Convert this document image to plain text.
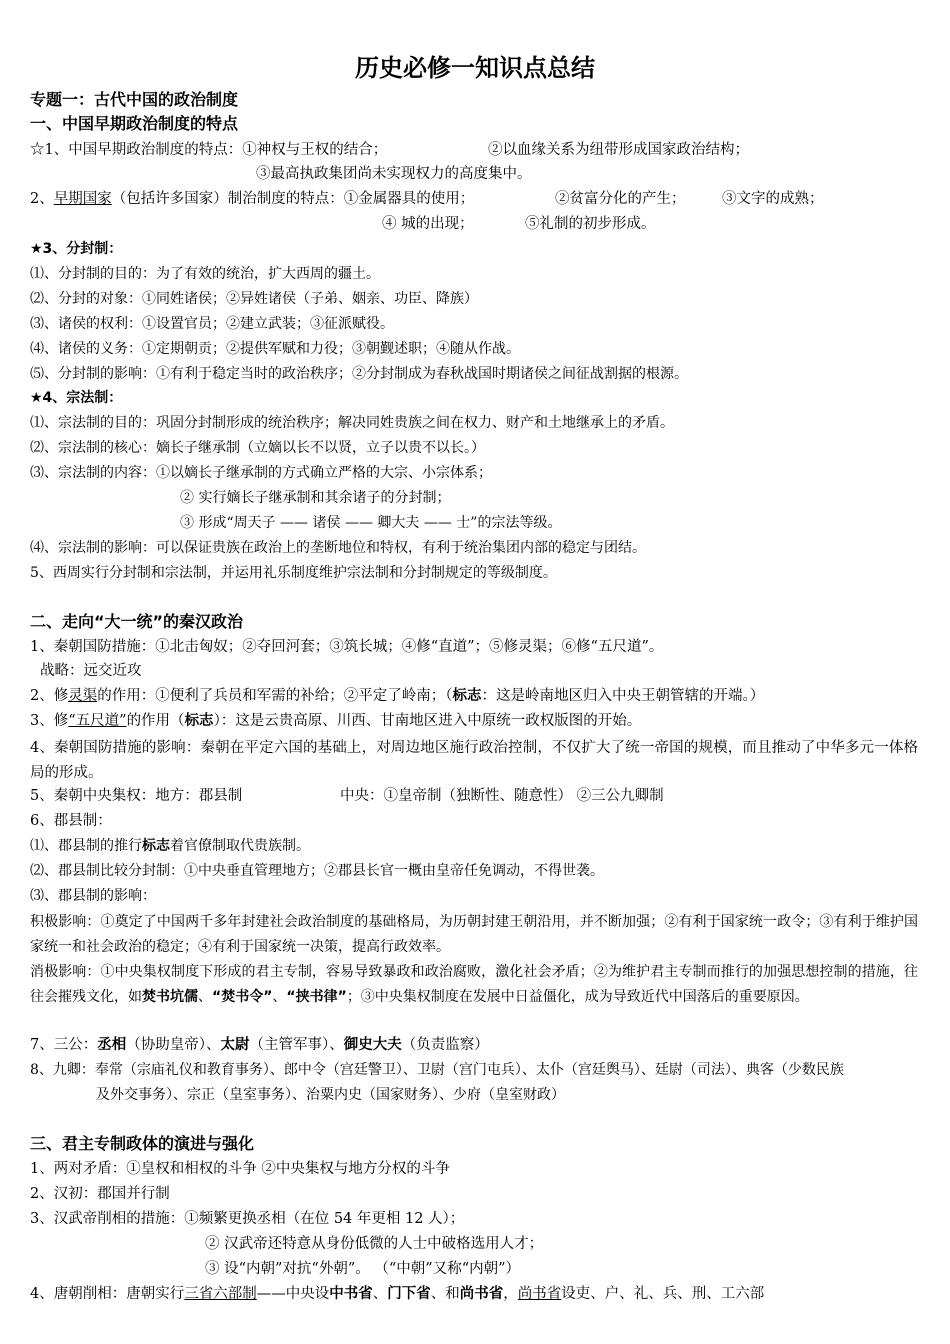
历史必修一知识点总结
专题一：古代中国的政治制度
一、中国早期政治制度的特点
☆1、中国早期政治制度的特点：①神权与王权的结合；	②以血缘关系为纽带形成国家政治结构；
③最高执政集团尚未实现权力的高度集中。
2、早期国家（包括许多国家）制治制度的特点：①金属器具的使用；	②贫富分化的产生；	③文字的成熟；
④ 城的出现；	⑤礼制的初步形成。
★3、分封制：
⑴、分封制的目的：为了有效的统治，扩大西周的疆土。
⑵、分封的对象：①同姓诸侯；②异姓诸侯（子弟、姻亲、功臣、降族）
⑶、诸侯的权利：①设置官员；②建立武装；③征派赋役。
⑷、诸侯的义务：①定期朝贡；②提供军赋和力役；③朝觐述职；④随从作战。
⑸、分封制的影响：①有利于稳定当时的政治秩序；②分封制成为春秋战国时期诸侯之间征战割据的根源。
★4、宗法制：
⑴、宗法制的目的：巩固分封制形成的统治秩序；解决同姓贵族之间在权力、财产和土地继承上的矛盾。
⑵、宗法制的核心：嫡长子继承制（立嫡以长不以贤，立子以贵不以长。）
⑶、宗法制的内容：①以嫡长子继承制的方式确立严格的大宗、小宗体系；
② 实行嫡长子继承制和其余诸子的分封制；
③ 形成“周天子 —— 诸侯 —— 卿大夫 —— 士”的宗法等级。
⑷、宗法制的影响：可以保证贵族在政治上的垄断地位和特权，有利于统治集团内部的稳定与团结。
5、西周实行分封制和宗法制，并运用礼乐制度维护宗法制和分封制规定的等级制度。
二、走向“大一统”的秦汉政治
1、秦朝国防措施：①北击匈奴；②夺回河套；③筑长城；④修“直道”；⑤修灵渠；⑥修“五尺道”。
战略：远交近攻
2、修灵渠的作用：①便利了兵员和军需的补给；②平定了岭南；（标志：这是岭南地区归入中央王朝管辖的开端。）
3、修“五尺道”的作用（标志）：这是云贵高原、川西、甘南地区进入中原统一政权版图的开始。
4、秦朝国防措施的影响：秦朝在平定六国的基础上，对周边地区施行政治控制，不仅扩大了统一帝国的规模，而且推动了中华多元一体格局的形成。
5、秦朝中央集权：地方：郡县制	中央：①皇帝制（独断性、随意性） ②三公九卿制
6、郡县制：
⑴、郡县制的推行标志着官僚制取代贵族制。
⑵、郡县制比较分封制：①中央垂直管理地方；②郡县长官一概由皇帝任免调动，不得世袭。
⑶、郡县制的影响：
积极影响：①奠定了中国两千多年封建社会政治制度的基础格局，为历朝封建王朝沿用，并不断加强；②有利于国家统一政令；③有利于维护国家统一和社会政治的稳定；④有利于国家统一决策，提高行政效率。
消极影响：①中央集权制度下形成的君主专制，容易导致暴政和政治腐败，激化社会矛盾；②为维护君主专制而推行的加强思想控制的措施，往往会摧残文化，如焚书坑儒、“焚书令”、“挟书律”；③中央集权制度在发展中日益僵化，成为导致近代中国落后的重要原因。
7、三公：丞相（协助皇帝）、太尉（主管军事）、御史大夫（负责监察）
8、九卿：奉常（宗庙礼仪和教育事务）、郎中令（宫廷警卫）、卫尉（宫门屯兵）、太仆（宫廷舆马）、廷尉（司法）、典客（少数民族
及外交事务）、宗正（皇室事务）、治粟内史（国家财务）、少府（皇室财政）
三、君主专制政体的演进与强化
1、两对矛盾：①皇权和相权的斗争 ②中央集权与地方分权的斗争
2、汉初：郡国并行制
3、汉武帝削相的措施：①频繁更换丞相（在位 54 年更相 12 人）；
② 汉武帝还特意从身份低微的人士中破格选用人才；
③ 设“内朝”对抗“外朝”。 （“中朝”又称“内朝”）
4、唐朝削相：唐朝实行三省六部制——中央设中书省、门下省、和尚书省，尚书省设吏、户、礼、兵、刑、工六部
